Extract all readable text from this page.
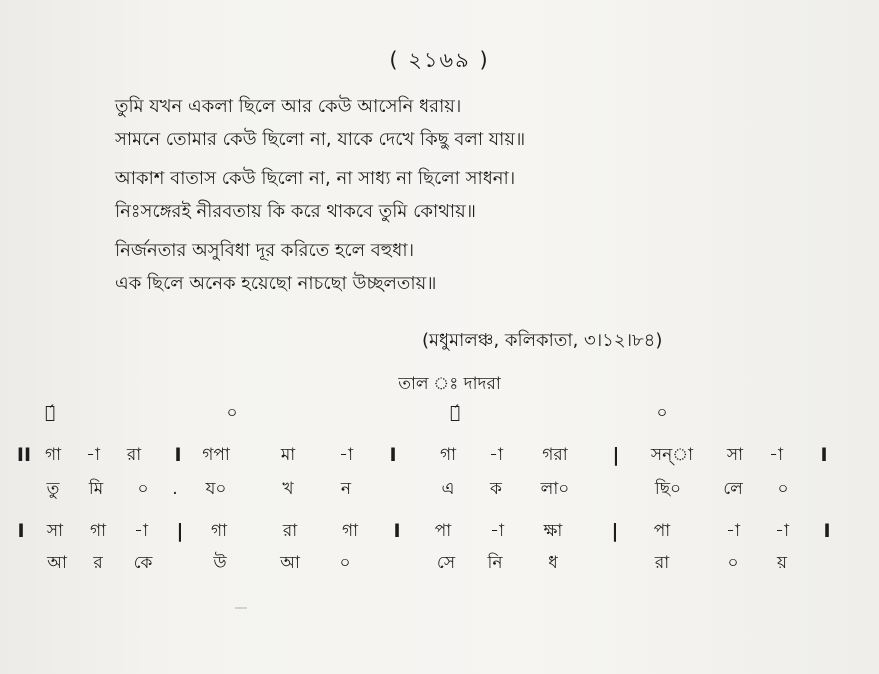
( ২১৬৯ )
তুমি যখন একলা ছিলে আর কেউ আসেনি ধরায়।
সামনে তোমার কেউ ছিলো না, যাকে দেখে কিছু বলা যায়॥
আকাশ বাতাস কেউ ছিলো না, না সাধ্য না ছিলো সাধনা।
নিঃসঙ্গেরই নীরবতায় কি করে থাকবে তুমি কোথায়॥
নির্জনতার অসুবিধা দূর করিতে হলে বহুধা।
এক ছিলে অনেক হয়েছো নাচছো উচ্ছলতায়॥
(মধুমালঞ্চ, কলিকাতা, ৩।১২।৮৪)
তাল ঃ দাদরা
১́	০	১́	০
II গা -া রা I গপা	মা	-া I	গা -া গরা | সন্া সা -া I
তু মি ০ . য০	খ	ন	এ ক লা০	ছি০ লে ০
I সা গা -া | গা	রা	গা I পা -া ক্ষা	| পা	-া -া I
আ র কে	উ	আ ০	সে নি	ধ	রা	০ য়
